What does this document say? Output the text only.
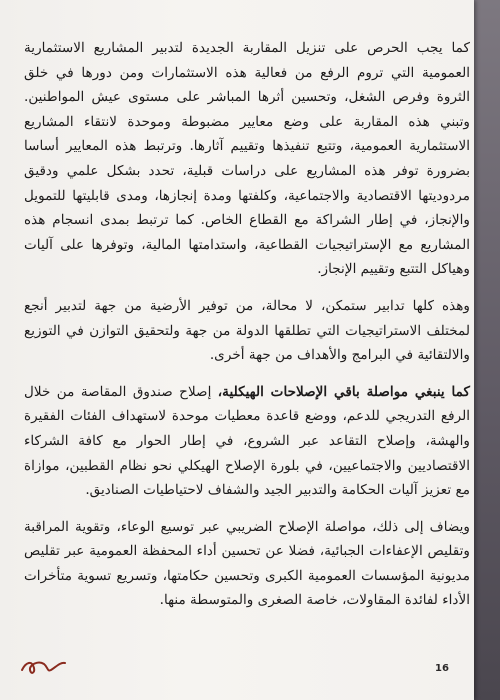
كما يجب الحرص على تنزيل المقاربة الجديدة لتدبير المشاريع الاستثمارية العمومية التي تروم الرفع من فعالية هذه الاستثمارات ومن دورها في خلق الثروة وفرص الشغل، وتحسين أثرها المباشر على مستوى عيش المواطنين. وتبني هذه المقاربة على وضع معايير مضبوطة وموحدة لانتقاء المشاريع الاستثمارية العمومية، وتتبع تنفيذها وتقييم آثارها. وترتبط هذه المعايير أساسا بضرورة توفر هذه المشاريع على دراسات قبلية، تحدد بشكل علمي ودقيق مردوديتها الاقتصادية والاجتماعية، وكلفتها ومدة إنجازها، ومدى قابليتها للتمويل والإنجاز، في إطار الشراكة مع القطاع الخاص. كما ترتبط بمدى انسجام هذه المشاريع مع الإستراتيجيات القطاعية، واستدامتها المالية، وتوفرها على آليات وهياكل التتبع وتقييم الإنجاز.

وهذه كلها تدابير ستمكن، لا محالة، من توفير الأرضية من جهة لتدبير أنجع لمختلف الاستراتيجيات التي تطلقها الدولة من جهة ولتحقيق التوازن في التوزيع والالتقائية في البرامج والأهداف من جهة أخرى.

كما ينبغي مواصلة باقي الإصلاحات الهيكلية، إصلاح صندوق المقاصة من خلال الرفع التدريجي للدعم، ووضع قاعدة معطيات موحدة لاستهداف الفئات الفقيرة والهشة، وإصلاح التقاعد عبر الشروع، في إطار الحوار مع كافة الشركاء الاقتصاديين والاجتماعيين، في بلورة الإصلاح الهيكلي نحو نظام القطبين، موازاة مع تعزيز آليات الحكامة والتدبير الجيد والشفاف لاحتياطيات الصناديق.

ويضاف إلى ذلك، مواصلة الإصلاح الضريبي عبر توسيع الوعاء، وتقوية المراقبة وتقليص الإعفاءات الجبائية، فضلا عن تحسين أداء المحفظة العمومية عبر تقليص مديونية المؤسسات العمومية الكبرى وتحسين حكامتها، وتسريع تسوية متأخرات الأداء لفائدة المقاولات، خاصة الصغرى والمتوسطة منها.

16
